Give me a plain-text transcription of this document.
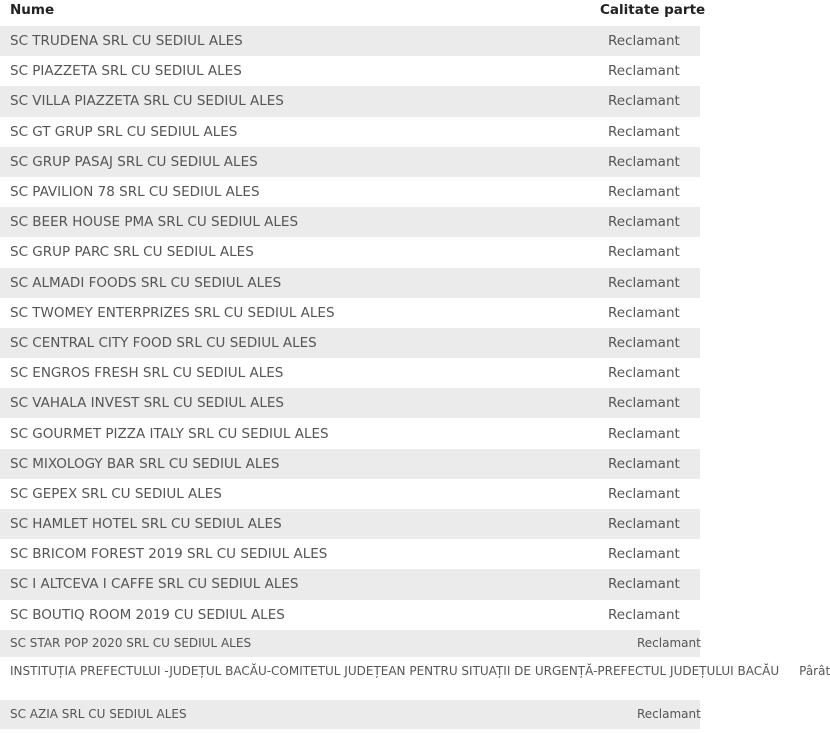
Nume	Calitate parte
SC TRUDENA SRL CU SEDIUL ALES	Reclamant
SC PIAZZETA SRL CU SEDIUL ALES	Reclamant
SC VILLA PIAZZETA SRL CU SEDIUL ALES	Reclamant
SC GT GRUP SRL CU SEDIUL ALES	Reclamant
SC GRUP PASAJ SRL CU SEDIUL ALES	Reclamant
SC PAVILION 78 SRL CU SEDIUL ALES	Reclamant
SC BEER HOUSE PMA SRL CU SEDIUL ALES	Reclamant
SC GRUP PARC SRL CU SEDIUL ALES	Reclamant
SC ALMADI FOODS SRL CU SEDIUL ALES	Reclamant
SC TWOMEY ENTERPRIZES SRL CU SEDIUL ALES	Reclamant
SC CENTRAL CITY FOOD SRL CU SEDIUL ALES	Reclamant
SC ENGROS FRESH SRL CU SEDIUL ALES	Reclamant
SC VAHALA INVEST SRL CU SEDIUL ALES	Reclamant
SC GOURMET PIZZA ITALY SRL CU SEDIUL ALES	Reclamant
SC MIXOLOGY BAR SRL CU SEDIUL ALES	Reclamant
SC GEPEX SRL CU SEDIUL ALES	Reclamant
SC HAMLET HOTEL SRL CU SEDIUL ALES	Reclamant
SC BRICOM FOREST 2019 SRL CU SEDIUL ALES	Reclamant
SC I ALTCEVA I CAFFE SRL CU SEDIUL ALES	Reclamant
SC BOUTIQ ROOM 2019 CU SEDIUL ALES	Reclamant
SC STAR POP 2020 SRL CU SEDIUL ALES	Reclamant
INSTITUȚIA PREFECTULUI -JUDEȚUL BACĂU-COMITETUL JUDEȚEAN PENTRU SITUAȚII DE URGENȚĂ-PREFECTUL JUDEȚULUI BACĂU	Pârât
SC AZIA SRL CU SEDIUL ALES	Reclamant
